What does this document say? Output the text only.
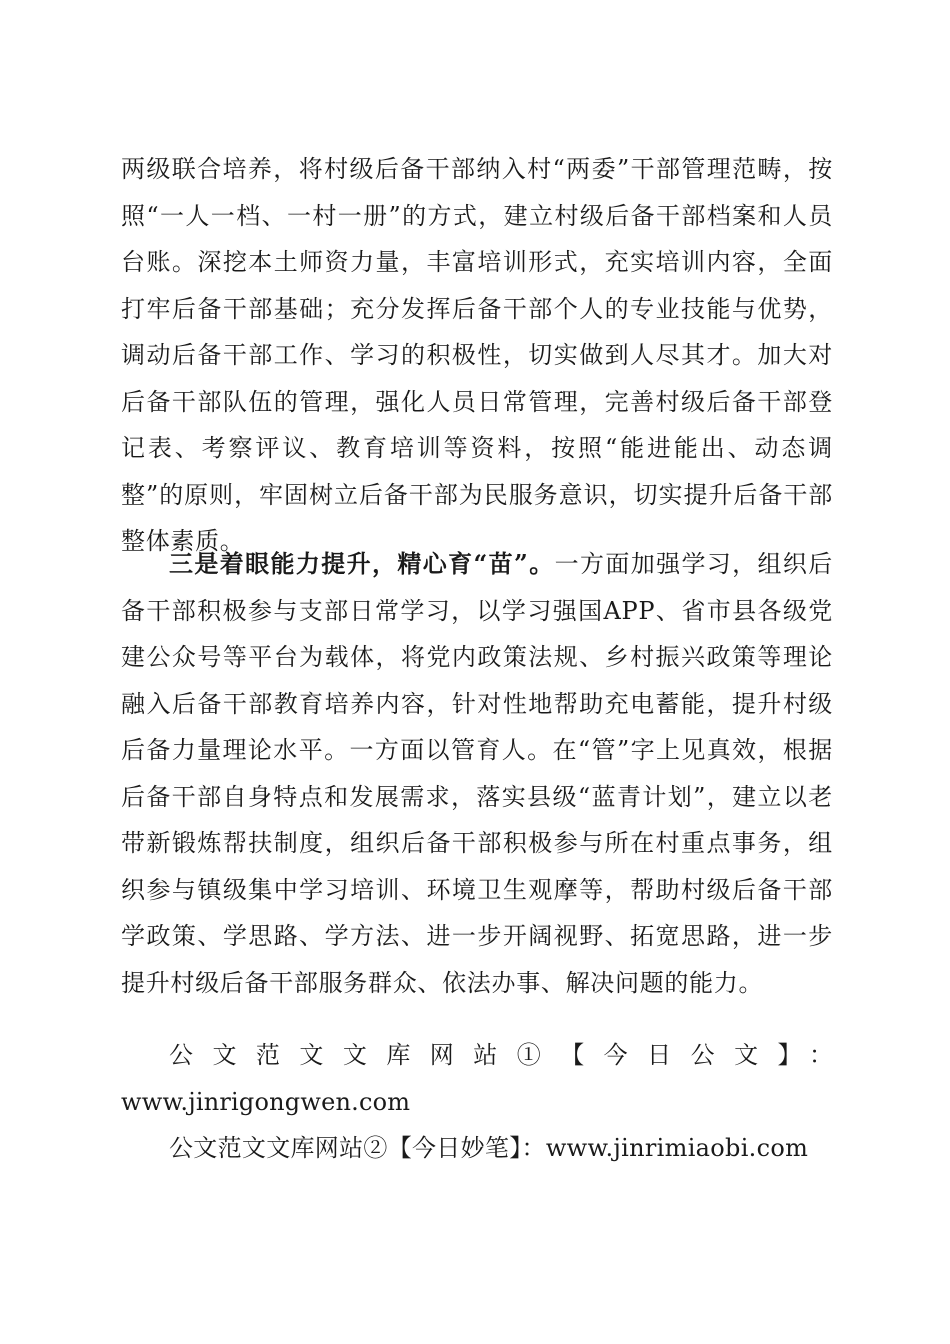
两级联合培养，将村级后备干部纳入村“两委”干部管理范畴，按照“一人一档、一村一册”的方式，建立村级后备干部档案和人员台账。深挖本土师资力量，丰富培训形式，充实培训内容，全面打牢后备干部基础；充分发挥后备干部个人的专业技能与优势，调动后备干部工作、学习的积极性，切实做到人尽其才。加大对后备干部队伍的管理，强化人员日常管理，完善村级后备干部登记表、考察评议、教育培训等资料，按照“能进能出、动态调整”的原则，牢固树立后备干部为民服务意识，切实提升后备干部整体素质。

三是着眼能力提升，精心育“苗”。一方面加强学习，组织后备干部积极参与支部日常学习，以学习强国APP、省市县各级党建公众号等平台为载体，将党内政策法规、乡村振兴政策等理论融入后备干部教育培养内容，针对性地帮助充电蓄能，提升村级后备力量理论水平。一方面以管育人。在“管”字上见真效，根据后备干部自身特点和发展需求，落实县级“蓝青计划”，建立以老带新锻炼帮扶制度，组织后备干部积极参与所在村重点事务，组织参与镇级集中学习培训、环境卫生观摩等，帮助村级后备干部学政策、学思路、学方法、进一步开阔视野、拓宽思路，进一步提升村级后备干部服务群众、依法办事、解决问题的能力。

公文范文文库网站①【今日公文】：

www.jinrigongwen.com

公文范文文库网站②【今日妙笔】：www.jinrimiaobi.com
